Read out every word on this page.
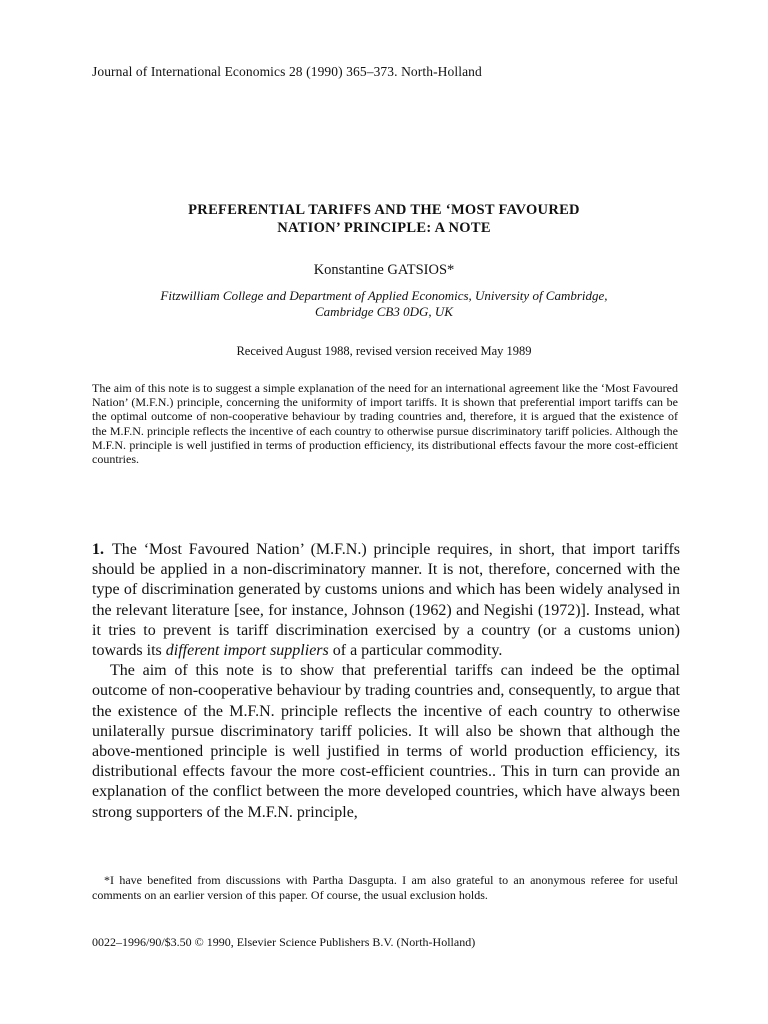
Journal of International Economics 28 (1990) 365–373. North-Holland
PREFERENTIAL TARIFFS AND THE ‘MOST FAVOURED
NATION’ PRINCIPLE: A NOTE
Konstantine GATSIOS*
Fitzwilliam College and Department of Applied Economics, University of Cambridge,
Cambridge CB3 0DG, UK
Received August 1988, revised version received May 1989
The aim of this note is to suggest a simple explanation of the need for an international agreement like the ‘Most Favoured Nation’ (M.F.N.) principle, concerning the uniformity of import tariffs. It is shown that preferential import tariffs can be the optimal outcome of non-cooperative behaviour by trading countries and, therefore, it is argued that the existence of the M.F.N. principle reflects the incentive of each country to otherwise pursue discriminatory tariff policies. Although the M.F.N. principle is well justified in terms of production efficiency, its distributional effects favour the more cost-efficient countries.

1. The ‘Most Favoured Nation’ (M.F.N.) principle requires, in short, that import tariffs should be applied in a non-discriminatory manner. It is not, therefore, concerned with the type of discrimination generated by customs unions and which has been widely analysed in the relevant literature [see, for instance, Johnson (1962) and Negishi (1972)]. Instead, what it tries to prevent is tariff discrimination exercised by a country (or a customs union) towards its different import suppliers of a particular commodity.

The aim of this note is to show that preferential tariffs can indeed be the optimal outcome of non-cooperative behaviour by trading countries and, consequently, to argue that the existence of the M.F.N. principle reflects the incentive of each country to otherwise unilaterally pursue discriminatory tariff policies. It will also be shown that although the above-mentioned principle is well justified in terms of world production efficiency, its distributional effects favour the more cost-efficient countries.. This in turn can provide an explanation of the conflict between the more developed countries, which have always been strong supporters of the M.F.N. principle,

*I have benefited from discussions with Partha Dasgupta. I am also grateful to an anonymous referee for useful comments on an earlier version of this paper. Of course, the usual exclusion holds.
0022–1996/90/$3.50 © 1990, Elsevier Science Publishers B.V. (North-Holland)
